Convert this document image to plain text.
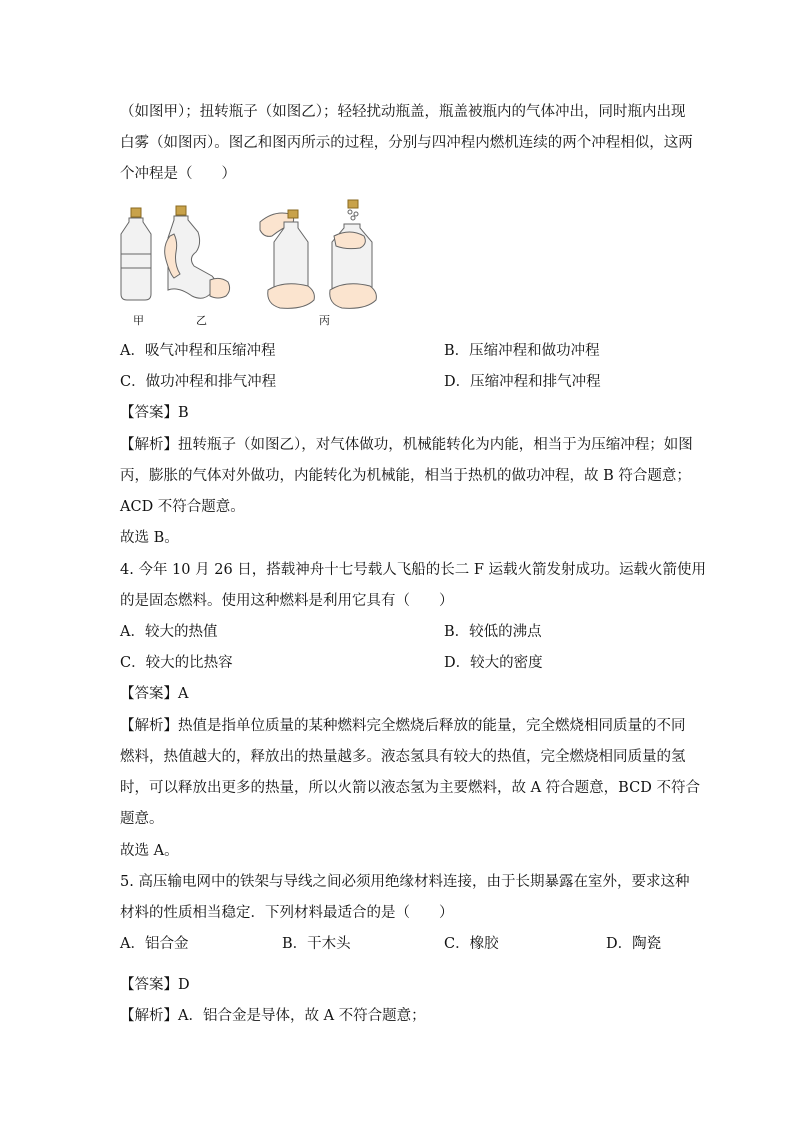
（如图甲）；扭转瓶子（如图乙）；轻轻扰动瓶盖，瓶盖被瓶内的气体冲出，同时瓶内出现
白雾（如图丙）。图乙和图丙所示的过程，分别与四冲程内燃机连续的两个冲程相似，这两
个冲程是（　　）
甲	乙	丙
A．吸气冲程和压缩冲程	B．压缩冲程和做功冲程
C．做功冲程和排气冲程	D．压缩冲程和排气冲程
【答案】B
【解析】扭转瓶子（如图乙），对气体做功，机械能转化为内能，相当于为压缩冲程；如图
丙，膨胀的气体对外做功，内能转化为机械能，相当于热机的做功冲程，故 B 符合题意；
ACD 不符合题意。
故选 B。
4. 今年 10 月 26 日，搭载神舟十七号载人飞船的长二 F 运载火箭发射成功。运载火箭使用
的是固态燃料。使用这种燃料是利用它具有（　　）
A．较大的热值	B．较低的沸点
C．较大的比热容	D．较大的密度
【答案】A
【解析】热值是指单位质量的某种燃料完全燃烧后释放的能量，完全燃烧相同质量的不同
燃料，热值越大的，释放出的热量越多。液态氢具有较大的热值，完全燃烧相同质量的氢
时，可以释放出更多的热量，所以火箭以液态氢为主要燃料，故 A 符合题意，BCD 不符合
题意。
故选 A。
5. 高压输电网中的铁架与导线之间必须用绝缘材料连接，由于长期暴露在室外，要求这种
材料的性质相当稳定．下列材料最适合的是（　　）
A．铝合金	B．干木头	C．橡胶	D．陶瓷
【答案】D
【解析】A．铝合金是导体，故 A 不符合题意；
